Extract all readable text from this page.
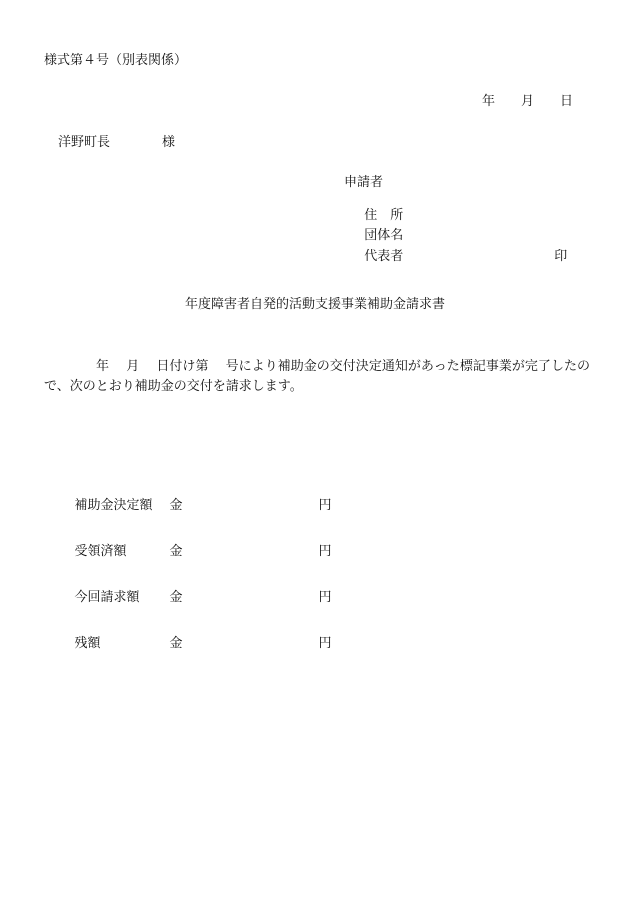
様式第４号（別表関係）
年　　月　　日
洋野町長　　　　様
申請者

住　所

団体名

代表者	印

年度障害者自発的活動支援事業補助金請求書
年　 月　 日付け第　 号により補助金の交付決定通知があった標記事業が完了したので、次のとおり補助金の交付を請求します。

補助金決定額 金	円

受領済額	金	円

今回請求額 金	円

残額	金	円
